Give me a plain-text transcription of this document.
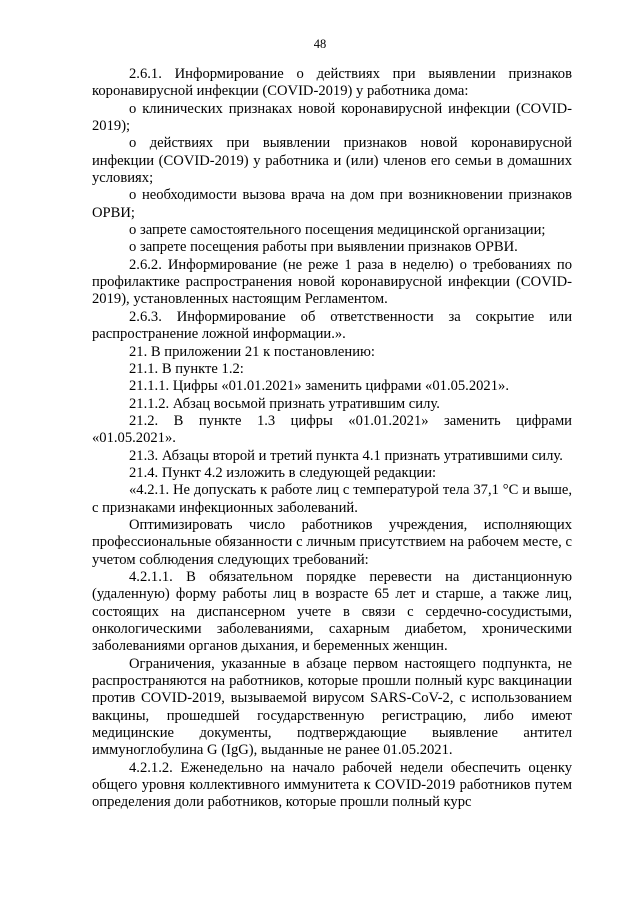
48

2.6.1. Информирование о действиях при выявлении признаков коронавирусной инфекции (COVID-2019) у работника дома:

о клинических признаках новой коронавирусной инфекции (COVID-2019);

о действиях при выявлении признаков новой коронавирусной инфекции (COVID-2019) у работника и (или) членов его семьи в домашних условиях;

о необходимости вызова врача на дом при возникновении признаков ОРВИ;

о запрете самостоятельного посещения медицинской организации;

о запрете посещения работы при выявлении признаков ОРВИ.

2.6.2. Информирование (не реже 1 раза в неделю) о требованиях по профилактике распространения новой коронавирусной инфекции (COVID-2019), установленных настоящим Регламентом.

2.6.3. Информирование об ответственности за сокрытие или распространение ложной информации.».

21. В приложении 21 к постановлению:

21.1. В пункте 1.2:

21.1.1. Цифры «01.01.2021» заменить цифрами «01.05.2021».

21.1.2. Абзац восьмой признать утратившим силу.

21.2. В пункте 1.3 цифры «01.01.2021» заменить цифрами «01.05.2021».

21.3. Абзацы второй и третий пункта 4.1 признать утратившими силу.

21.4. Пункт 4.2 изложить в следующей редакции:

«4.2.1. Не допускать к работе лиц с температурой тела 37,1 °С и выше, с признаками инфекционных заболеваний.

Оптимизировать число работников учреждения, исполняющих профессиональные обязанности с личным присутствием на рабочем месте, с учетом соблюдения следующих требований:

4.2.1.1. В обязательном порядке перевести на дистанционную (удаленную) форму работы лиц в возрасте 65 лет и старше, а также лиц, состоящих на диспансерном учете в связи с сердечно-сосудистыми, онкологическими заболеваниями, сахарным диабетом, хроническими заболеваниями органов дыхания, и беременных женщин.

Ограничения, указанные в абзаце первом настоящего подпункта, не распространяются на работников, которые прошли полный курс вакцинации против COVID-2019, вызываемой вирусом SARS-CoV-2, с использованием вакцины, прошедшей государственную регистрацию, либо имеют медицинские документы, подтверждающие выявление антител иммуноглобулина G (IgG), выданные не ранее 01.05.2021.

4.2.1.2. Еженедельно на начало рабочей недели обеспечить оценку общего уровня коллективного иммунитета к COVID-2019 работников путем определения доли работников, которые прошли полный курс
